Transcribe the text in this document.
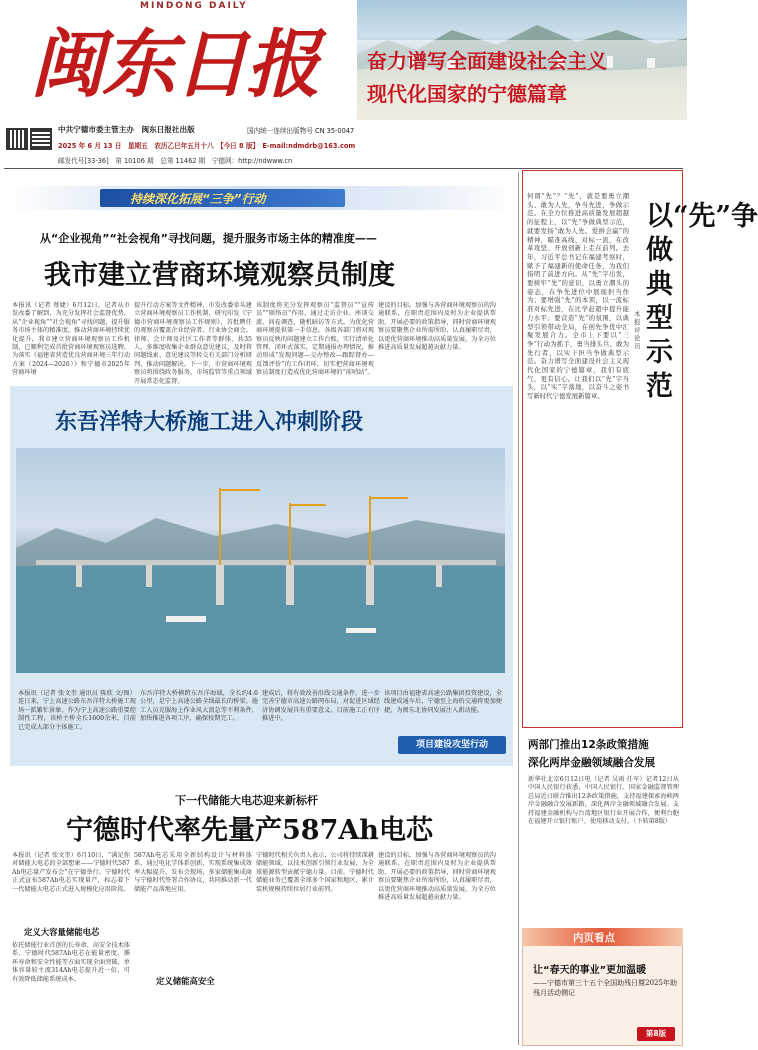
MINDONG DAILY
闽东日报
中共宁德市委主管主办　闽东日报社出版	国内统一连续出版物号 CN 35-0047
2025 年 6 月 13 日　星期五　农历乙巳年五月十八　【今日 8 版】　E-mail:ndmdrb@163.com
邮发代号[33-36]　第 10106 期　总第 11462 期　宁德网：http://ndwww.cn
奋力谱写全面建设社会主义
现代化国家的宁德篇章
持续深化拓展“三争”行动
从“企业视角”“社会视角”寻找问题，提升服务市场主体的精准度——
我市建立营商环境观察员制度
本报讯（记者 蔡婕）6月12日，记者从市发改委了解到，为充分发挥社会监督优势，从“企业视角”“社会视角”寻找问题，提升服务市场主体的精准度，推动营商环境持续优化提升，我市建立营商环境观察员工作机制，已顺利完成首批营商环境观察员选聘。为落实《福建省营造优良营商环境三年行动方案（2024—2026）》和宁德市2025年营商环境
提升行动方案等文件精神，市发改委牵头建立营商环境观察员工作机制，研究印发《宁德市营商环境观察员工作规则》，首批聘任的观察员覆盖企业经营者、行业协会商会、律师、会计师及社区工作者等群体，共35人，多维度收集企业群众意见建议，及时将问题线索、意见建议等转交有关部门分析研判，推动问题解决。下一步，市营商环境观察员将围绕政务服务、市场监管等重点领域开展常态化监督。
该制度将充分发挥观察员“监督员”“宣传员”“联络员”作用，通过走访企业、座谈交流、问卷调查、随机暗访等方式，为优化营商环境提供第一手信息。各级各部门将对观察员反映的问题建立工作台账，实行清单化管理、闭环式落实，定期通报办理情况，推动形成“发现问题—交办整改—跟踪督办—反馈评价”的工作闭环，切实把营商环境观察员制度打造成优化营商环境的“前哨站”。
建设的目标，加强与各营商环境观察员的沟通联系，在职责范围内及时为企业提供帮助，开展必要的政策指导，同时营商环境观察员要聚焦企业所需所盼，认真履职尽责，以更优营商环境推动高质量发展，为全方位推进高质量发展超越贡献力量。
东吾洋特大桥施工进入冲刺阶段
本报讯（记者 张文奎 通讯员 陈欣 文/图）连日来，宁上高速公路东吾洋特大桥施工现场一派繁忙景象。作为宁上高速公路重要控制性工程，该桥主桥全长1600余米，目前已完成大部分主体施工。
东吾洋特大桥横跨东吾洋海域，全长约4.6公里，是宁上高速公路全线最长的桥梁。施工人员克服海上作业风大浪急等不利条件，加快推进各项工序，确保按期完工。
建成后，将有效改善沿线交通条件，进一步完善宁德市高速公路网布局，对促进区域经济协调发展具有重要意义。目前施工正有序推进中。
该项目由福建省高速公路集团投资建设，全线建成通车后，宁德至上海的交通将更加便捷，为闽东北协同发展注入新动能。
项目建设攻坚行动
下一代储能大电芯迎来新标杆
宁德时代率先量产587Ah电芯
本报讯（记者 张文奎）6月10日，“满足你对储能大电芯的全部想象——宁德时代587Ah电芯量产发布会”在宁德举行。宁德时代正式宣布587Ah电芯实现量产，标志着下一代储能大电芯正式进入规模化应用阶段。
定义大容量储能电芯
依托储能行业首创的长寿命、高安全技术体系，宁德时代587Ah电芯在能量密度、循环寿命和安全性能等方面实现全面突破，单体容量较主流314Ah电芯提升近一倍，可有效降低储能系统成本。
587Ah电芯采用全新结构设计与材料体系，通过电化学体系创新，实现系统集成效率大幅提升。发布会现场，多家储能集成商与宁德时代签署合作协议，共同推动新一代储能产品落地应用。
定义储能高安全
宁德时代相关负责人表示，公司将持续深耕储能领域，以技术创新引领行业发展，为全球能源转型贡献宁德力量。目前，宁德时代储能业务已覆盖全球多个国家和地区，累计装机规模持续位居行业前列。
建设的目标，加强与各营商环境观察员的沟通联系，在职责范围内及时为企业提供帮助，开展必要的政策指导，同时营商环境观察员要聚焦企业所需所盼，认真履职尽责，以更优营商环境推动高质量发展，为全方位推进高质量发展超越贡献力量。
何谓“先”？“先”，就是要勇立潮头、敢为人先，争当先进、争做示范。在全方位推进高质量发展超越的征程上，以“先”争做典型示范，就要发扬“敢为人先、爱拼会赢”的精神，瞄准高线、对标一流，在改革攻坚、开放创新上走在前列。去年，习近平总书记在福建考察时，赋予了福建新的使命任务，为我们指明了前进方向。从“先”字出发，要树牢“先”的意识，以勇立潮头的姿态，在争先进位中展现担当作为；要增强“先”的本领，以一流标准对标先进，在比学赶超中提升能力水平；要营造“先”的氛围，以典型引领带动全局，在创先争优中汇聚发展合力。全市上下要以“三争”行动为抓手，勇当排头兵、敢为先行者，以实干担当争做典型示范。奋力谱写全面建设社会主义现代化国家的宁德篇章，我们有底气、更有信心。让我们以“先”字当头，以“实”字落地，以奋斗之姿书写新时代宁德发展新篇章。
以“先”争做典型示范
本报评论员
两部门推出12条政策措施
深化两岸金融领域融合发展
新华社北京6月12日电（记者 吴雨 任军）记者12日从中国人民银行获悉，中国人民银行、国家金融监督管理总局近日联合推出12条政策措施，支持福建探索海峡两岸金融融合发展新路，深化两岸金融领域融合发展。支持福建金融机构与台湾地区银行业开展合作，便利台胞在福建开立银行账户、使用移动支付。（下转第8版）
内页看点
让“春天的事业”更加温暖
——宁德市第三十五个全国助残日暨2025年助残月活动侧记
第8版
